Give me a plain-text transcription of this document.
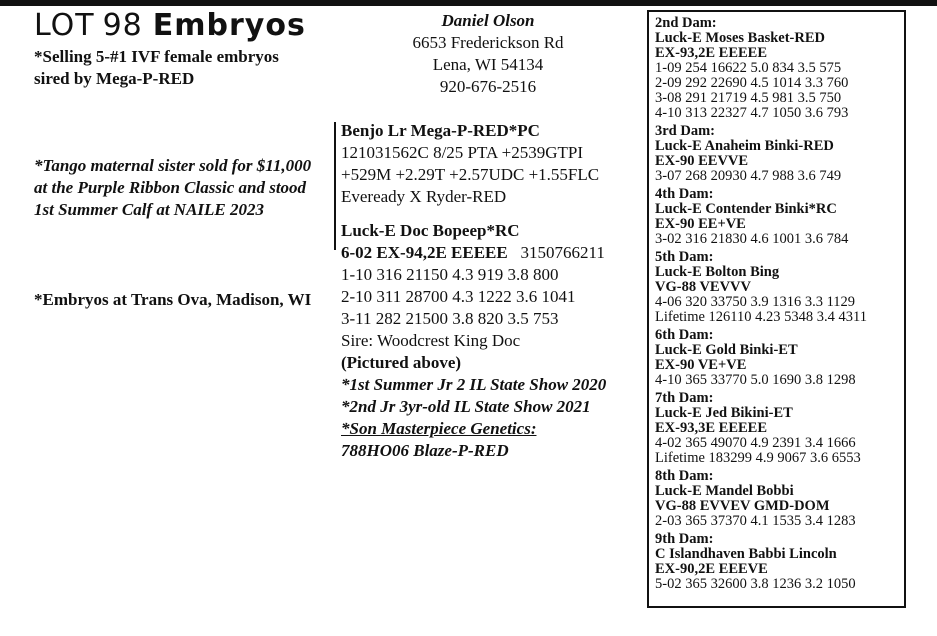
LOT 98 Embryos
*Selling 5-#1 IVF female embryos
sired by Mega-P-RED
*Tango maternal sister sold for $11,000
at the Purple Ribbon Classic and stood
1st Summer Calf at NAILE 2023
*Embryos at Trans Ova, Madison, WI
Daniel Olson
6653 Frederickson Rd
Lena, WI 54134
920-676-2516
Benjo Lr Mega-P-RED*PC
121031562C 8/25 PTA +2539GTPI
+529M +2.29T +2.57UDC +1.55FLC
Eveready X Ryder-RED
Luck-E Doc Bopeep*RC
6-02 EX-94,2E EEEEE 3150766211
1-10 316 21150 4.3 919 3.8 800
2-10 311 28700 4.3 1222 3.6 1041
3-11 282 21500 3.8 820 3.5 753
Sire: Woodcrest King Doc
(Pictured above)
*1st Summer Jr 2 IL State Show 2020
*2nd Jr 3yr-old IL State Show 2021
*Son Masterpiece Genetics:
788HO06 Blaze-P-RED
2nd Dam:
Luck-E Moses Basket-RED
EX-93,2E EEEEE
1-09 254 16622 5.0 834 3.5 575
2-09 292 22690 4.5 1014 3.3 760
3-08 291 21719 4.5 981 3.5 750
4-10 313 22327 4.7 1050 3.6 793
3rd Dam:
Luck-E Anaheim Binki-RED
EX-90 EEVVE
3-07 268 20930 4.7 988 3.6 749
4th Dam:
Luck-E Contender Binki*RC
EX-90 EE+VE
3-02 316 21830 4.6 1001 3.6 784
5th Dam:
Luck-E Bolton Bing
VG-88 VEVVV
4-06 320 33750 3.9 1316 3.3 1129
Lifetime 126110 4.23 5348 3.4 4311
6th Dam:
Luck-E Gold Binki-ET
EX-90 VE+VE
4-10 365 33770 5.0 1690 3.8 1298
7th Dam:
Luck-E Jed Bikini-ET
EX-93,3E EEEEE
4-02 365 49070 4.9 2391 3.4 1666
Lifetime 183299 4.9 9067 3.6 6553
8th Dam:
Luck-E Mandel Bobbi
VG-88 EVVEV GMD-DOM
2-03 365 37370 4.1 1535 3.4 1283
9th Dam:
C Islandhaven Babbi Lincoln
EX-90,2E EEEVE
5-02 365 32600 3.8 1236 3.2 1050
